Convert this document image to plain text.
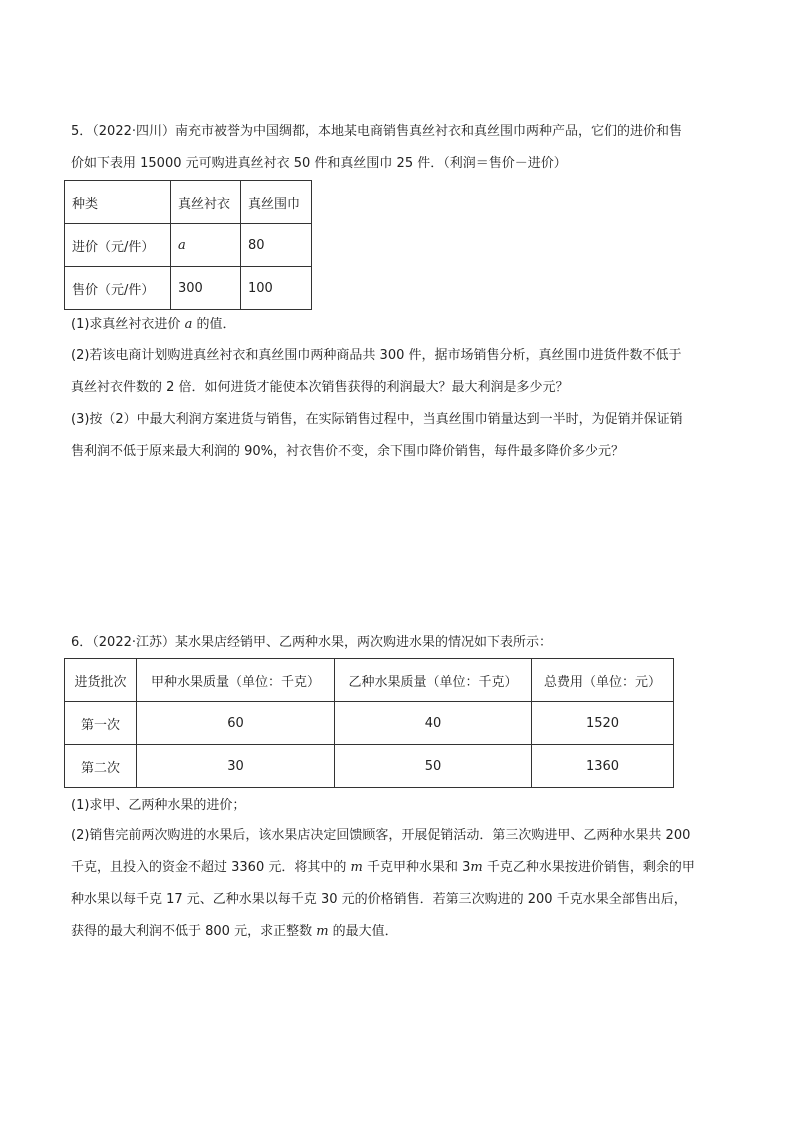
5．（2022·四川）南充市被誉为中国绸都，本地某电商销售真丝衬衣和真丝围巾两种产品，它们的进价和售
价如下表用 15000 元可购进真丝衬衣 50 件和真丝围巾 25 件．（利润＝售价－进价）
种类	真丝衬衣	真丝围巾
进价（元/件）	a	80
售价（元/件）	300	100
(1)求真丝衬衣进价 a 的值．
(2)若该电商计划购进真丝衬衣和真丝围巾两种商品共 300 件，据市场销售分析，真丝围巾进货件数不低于
真丝衬衣件数的 2 倍．如何进货才能使本次销售获得的利润最大？最大利润是多少元？
(3)按（2）中最大利润方案进货与销售，在实际销售过程中，当真丝围巾销量达到一半时，为促销并保证销
售利润不低于原来最大利润的 90%，衬衣售价不变，余下围巾降价销售，每件最多降价多少元？
6．（2022·江苏）某水果店经销甲、乙两种水果，两次购进水果的情况如下表所示：
进货批次	甲种水果质量（单位：千克）	乙种水果质量（单位：千克）	总费用（单位：元）
第一次	60	40	1520
第二次	30	50	1360
(1)求甲、乙两种水果的进价；
(2)销售完前两次购进的水果后，该水果店决定回馈顾客，开展促销活动．第三次购进甲、乙两种水果共 200
千克，且投入的资金不超过 3360 元．将其中的 m 千克甲种水果和 3m 千克乙种水果按进价销售，剩余的甲
种水果以每千克 17 元、乙种水果以每千克 30 元的价格销售．若第三次购进的 200 千克水果全部售出后，
获得的最大利润不低于 800 元，求正整数 m 的最大值．
